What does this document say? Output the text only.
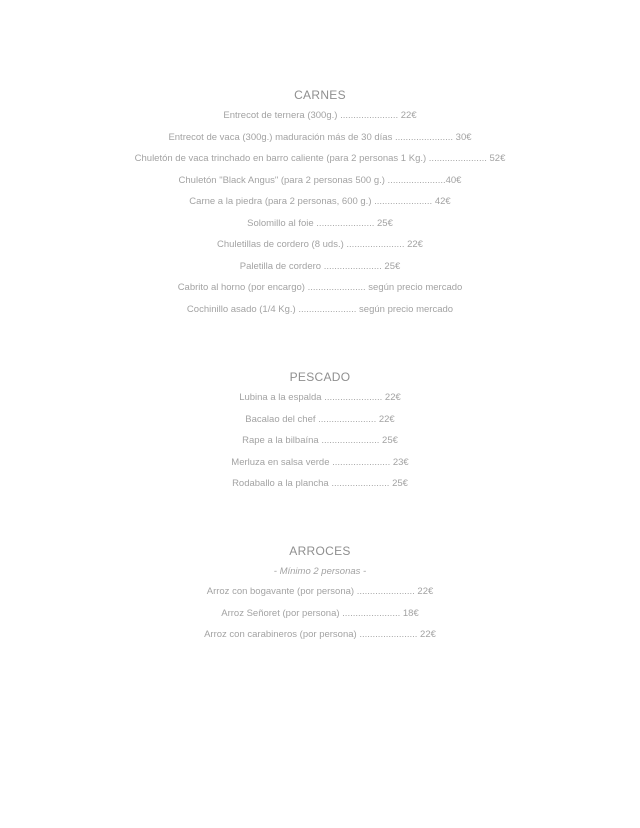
CARNES
Entrecot de ternera (300g.) ...................... 22€
Entrecot de vaca (300g.) maduración más de 30 días ...................... 30€
Chuletón de vaca trinchado en barro caliente (para 2 personas 1 Kg.) ...................... 52€
Chuletón "Black Angus" (para 2 personas 500 g.) ......................40€
Carne a la piedra (para 2 personas, 600 g.) ...................... 42€
Solomillo al foie ...................... 25€
Chuletillas de cordero (8 uds.) ...................... 22€
Paletilla de cordero ...................... 25€
Cabrito al horno (por encargo) ...................... según precio mercado
Cochinillo asado (1/4 Kg.) ...................... según precio mercado
PESCADO
Lubina a la espalda ...................... 22€
Bacalao del chef ...................... 22€
Rape a la bilbaína ...................... 25€
Merluza en salsa verde ...................... 23€
Rodaballo a la plancha ...................... 25€
ARROCES
- Mínimo 2 personas -
Arroz con bogavante (por persona) ...................... 22€
Arroz Señoret (por persona) ...................... 18€
Arroz con carabineros (por persona) ...................... 22€
